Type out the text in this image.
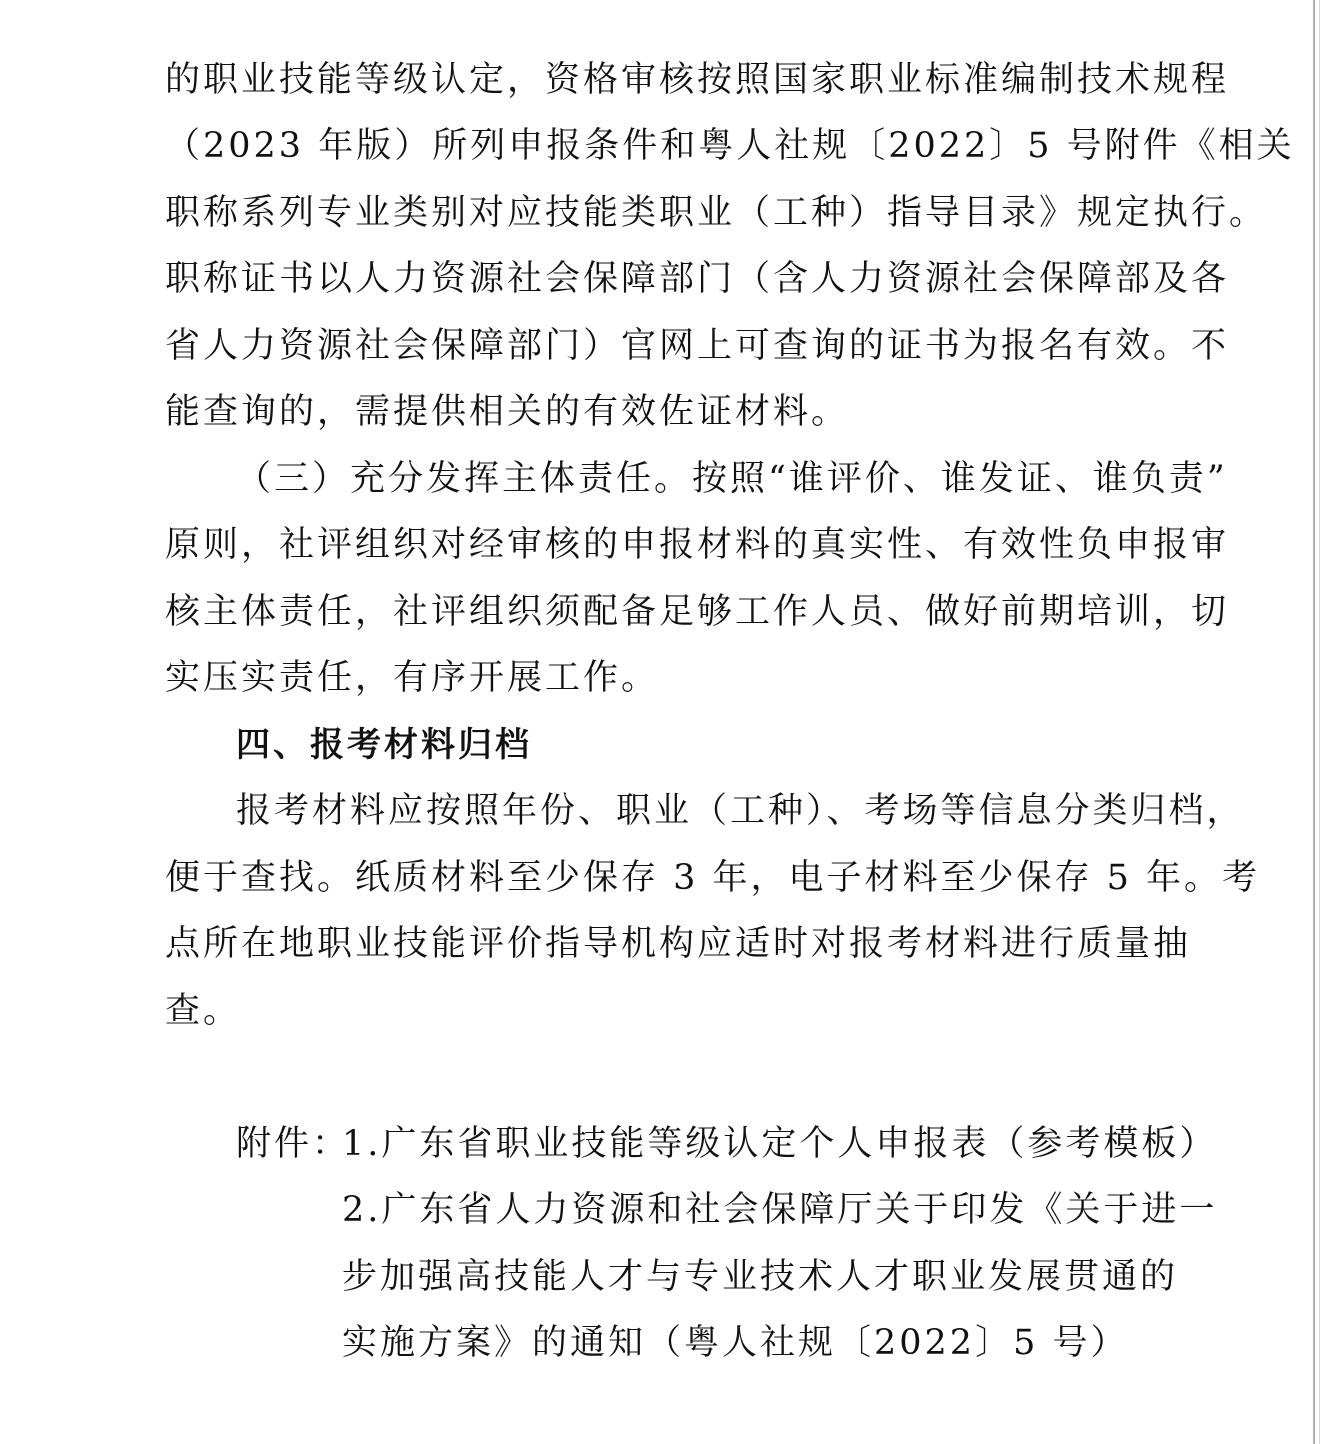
的职业技能等级认定，资格审核按照国家职业标准编制技术规程
（2023 年版）所列申报条件和粤人社规〔2022〕5 号附件《相关
职称系列专业类别对应技能类职业（工种）指导目录》规定执行。
职称证书以人力资源社会保障部门（含人力资源社会保障部及各
省人力资源社会保障部门）官网上可查询的证书为报名有效。不
能查询的，需提供相关的有效佐证材料。
（三）充分发挥主体责任。按照“谁评价、谁发证、谁负责”
原则，社评组织对经审核的申报材料的真实性、有效性负申报审
核主体责任，社评组织须配备足够工作人员、做好前期培训，切
实压实责任，有序开展工作。
四、报考材料归档
报考材料应按照年份、职业（工种）、考场等信息分类归档，
便于查找。纸质材料至少保存 3 年，电子材料至少保存 5 年。考
点所在地职业技能评价指导机构应适时对报考材料进行质量抽
查。
附件：
1.广东省职业技能等级认定个人申报表（参考模板）
2.广东省人力资源和社会保障厅关于印发《关于进一
步加强高技能人才与专业技术人才职业发展贯通的
实施方案》的通知（粤人社规〔2022〕5 号）
